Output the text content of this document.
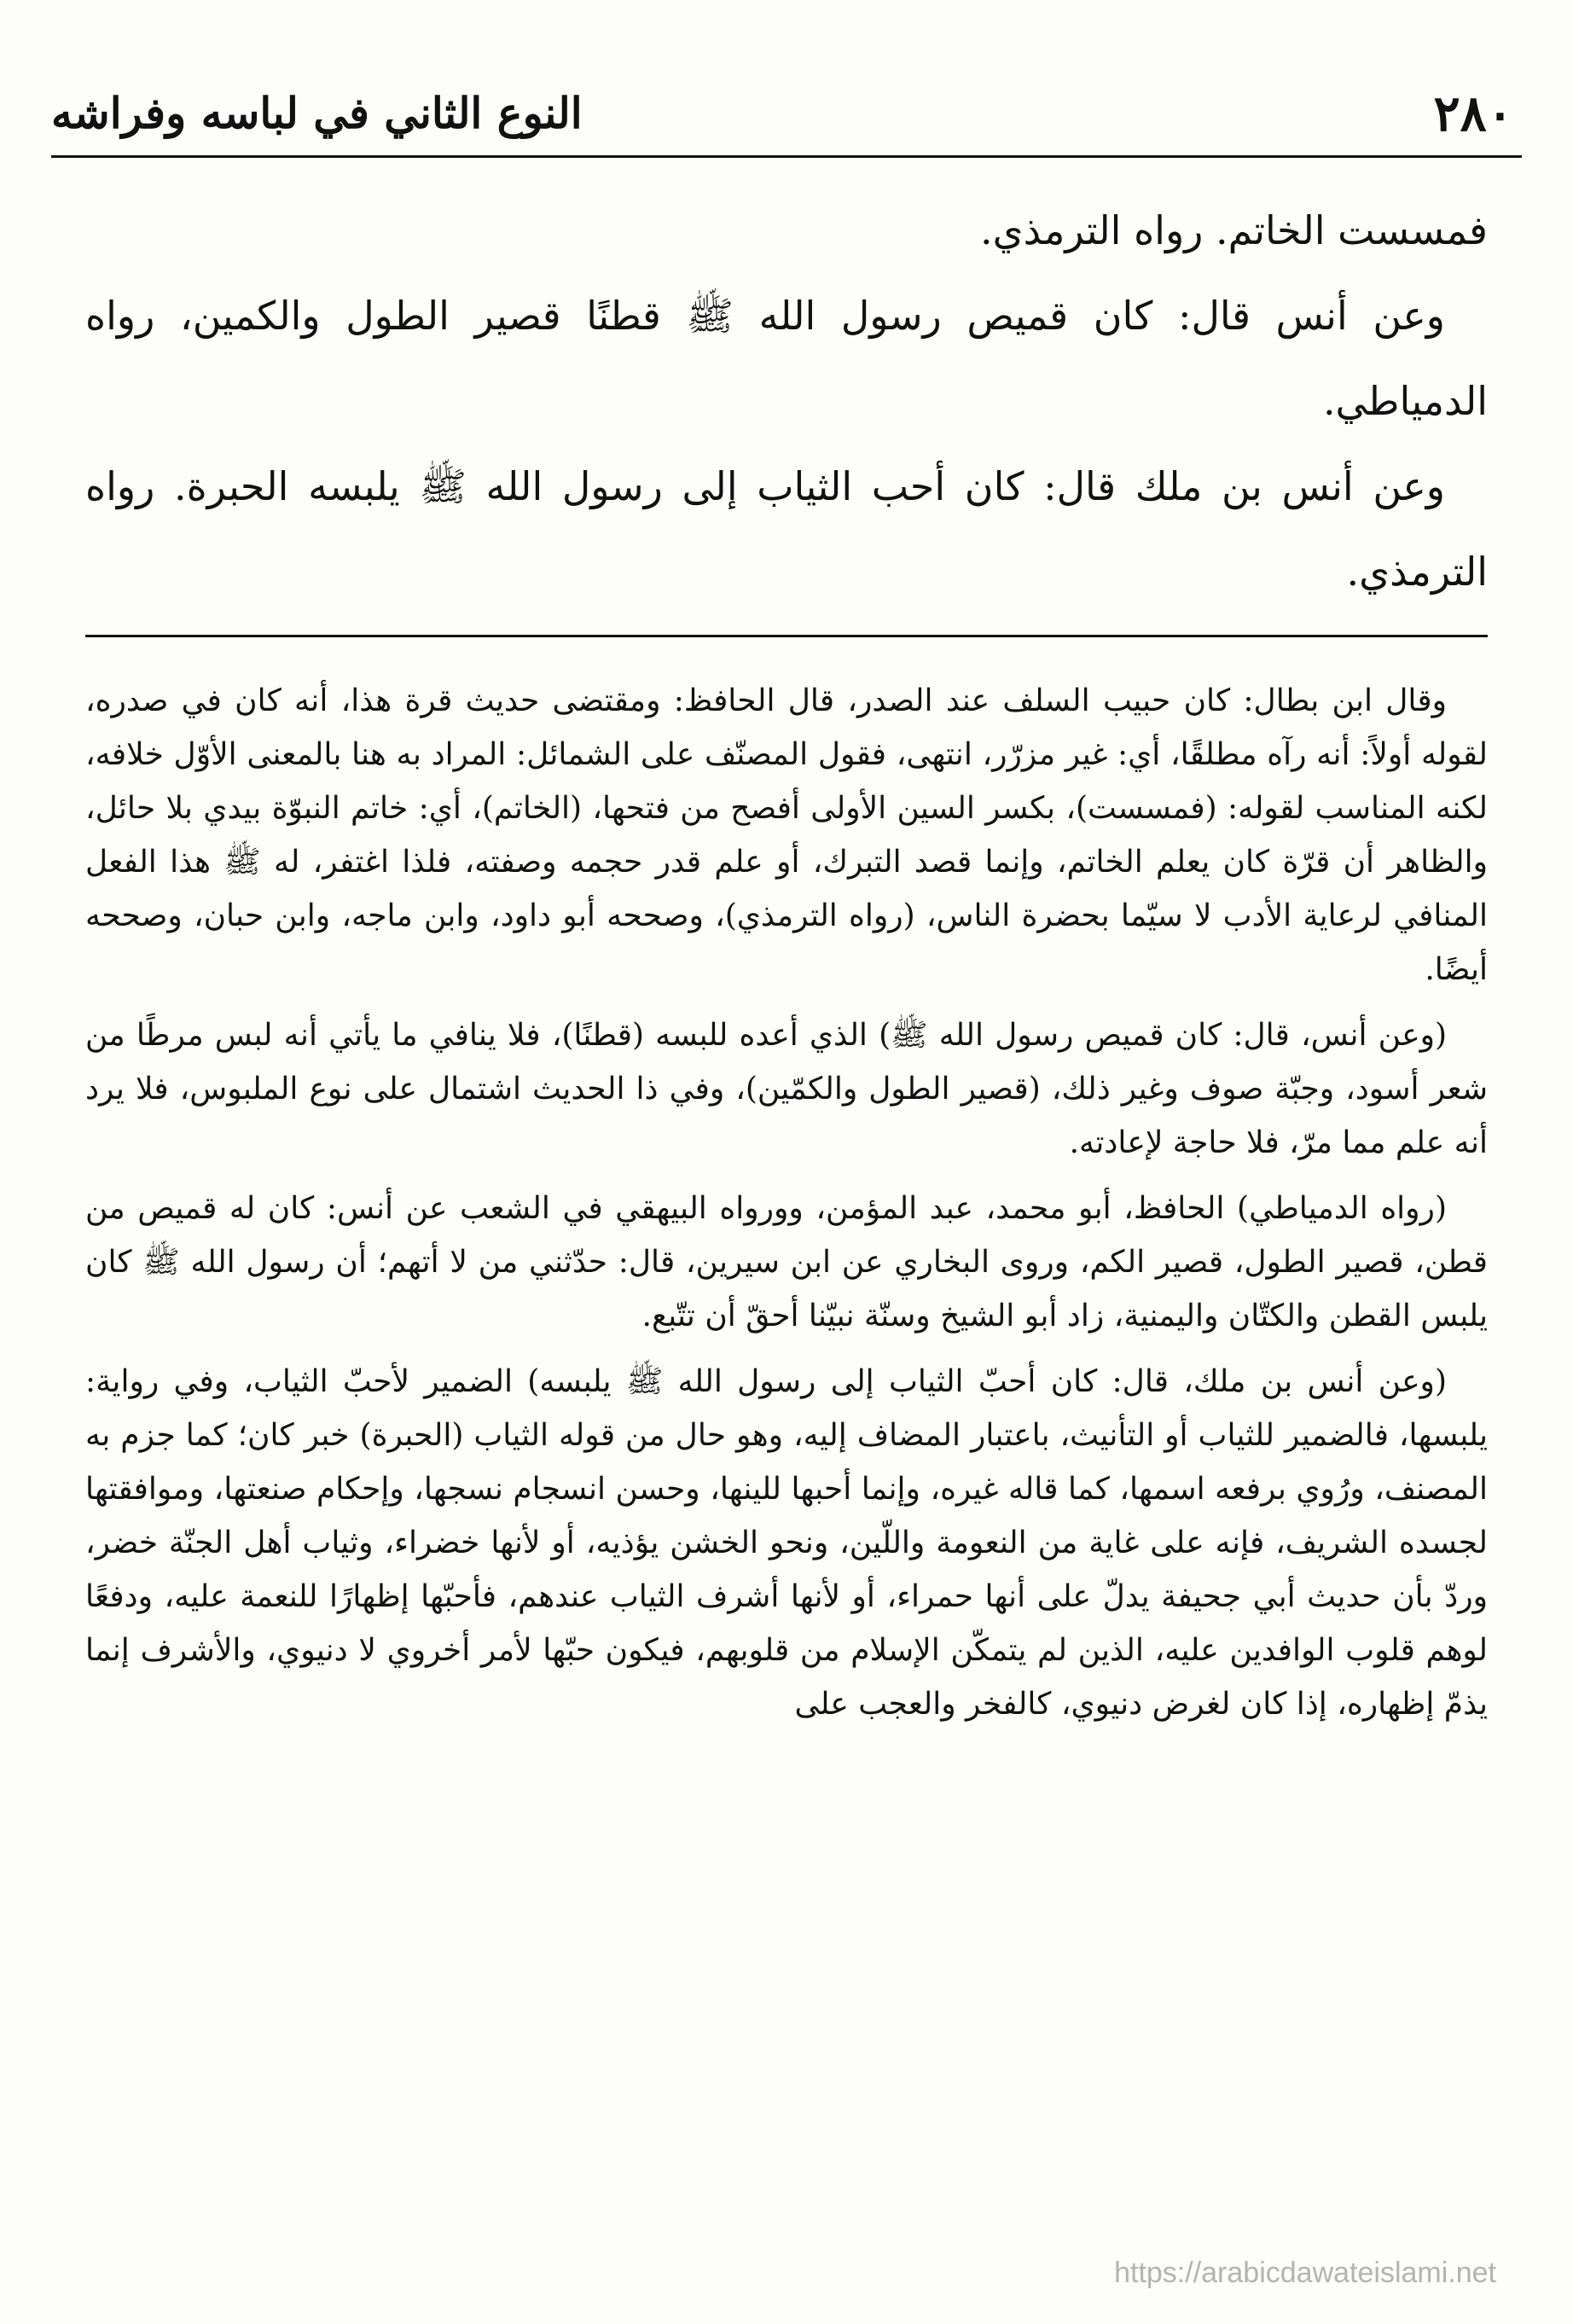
٢٨٠
النوع الثاني في لباسه وفراشه

فمسست الخاتم. رواه الترمذي.

وعن أنس قال: كان قميص رسول الله ﷺ قطنًا قصير الطول والكمين، رواه الدمياطي.

وعن أنس بن ملك قال: كان أحب الثياب إلى رسول الله ﷺ يلبسه الحبرة. رواه الترمذي.

وقال ابن بطال: كان حبيب السلف عند الصدر، قال الحافظ: ومقتضى حديث قرة هذا، أنه كان في صدره، لقوله أولاً: أنه رآه مطلقًا، أي: غير مزرّر، انتهى، فقول المصنّف على الشمائل: المراد به هنا بالمعنى الأوّل خلافه، لكنه المناسب لقوله: (فمسست)، بكسر السين الأولى أفصح من فتحها، (الخاتم)، أي: خاتم النبوّة بيدي بلا حائل، والظاهر أن قرّة كان يعلم الخاتم، وإنما قصد التبرك، أو علم قدر حجمه وصفته، فلذا اغتفر، له ﷺ هذا الفعل المنافي لرعاية الأدب لا سيّما بحضرة الناس، (رواه الترمذي)، وصححه أبو داود، وابن ماجه، وابن حبان، وصححه أيضًا.

(وعن أنس، قال: كان قميص رسول الله ﷺ) الذي أعده للبسه (قطنًا)، فلا ينافي ما يأتي أنه لبس مرطًا من شعر أسود، وجبّة صوف وغير ذلك، (قصير الطول والكمّين)، وفي ذا الحديث اشتمال على نوع الملبوس، فلا يرد أنه علم مما مرّ، فلا حاجة لإعادته.

(رواه الدمياطي) الحافظ، أبو محمد، عبد المؤمن، وورواه البيهقي في الشعب عن أنس: كان له قميص من قطن، قصير الطول، قصير الكم، وروى البخاري عن ابن سيرين، قال: حدّثني من لا أتهم؛ أن رسول الله ﷺ كان يلبس القطن والكتّان واليمنية، زاد أبو الشيخ وسنّة نبيّنا أحقّ أن تتّبع.

(وعن أنس بن ملك، قال: كان أحبّ الثياب إلى رسول الله ﷺ يلبسه) الضمير لأحبّ الثياب، وفي رواية: يلبسها، فالضمير للثياب أو التأنيث، باعتبار المضاف إليه، وهو حال من قوله الثياب (الحبرة) خبر كان؛ كما جزم به المصنف، ورُوي برفعه اسمها، كما قاله غيره، وإنما أحبها للينها، وحسن انسجام نسجها، وإحكام صنعتها، وموافقتها لجسده الشريف، فإنه على غاية من النعومة واللّين، ونحو الخشن يؤذيه، أو لأنها خضراء، وثياب أهل الجنّة خضر، وردّ بأن حديث أبي جحيفة يدلّ على أنها حمراء، أو لأنها أشرف الثياب عندهم، فأحبّها إظهارًا للنعمة عليه، ودفعًا لوهم قلوب الوافدين عليه، الذين لم يتمكّن الإسلام من قلوبهم، فيكون حبّها لأمر أخروي لا دنيوي، والأشرف إنما يذمّ إظهاره، إذا كان لغرض دنيوي، كالفخر والعجب على

https://arabicdawateislami.net
